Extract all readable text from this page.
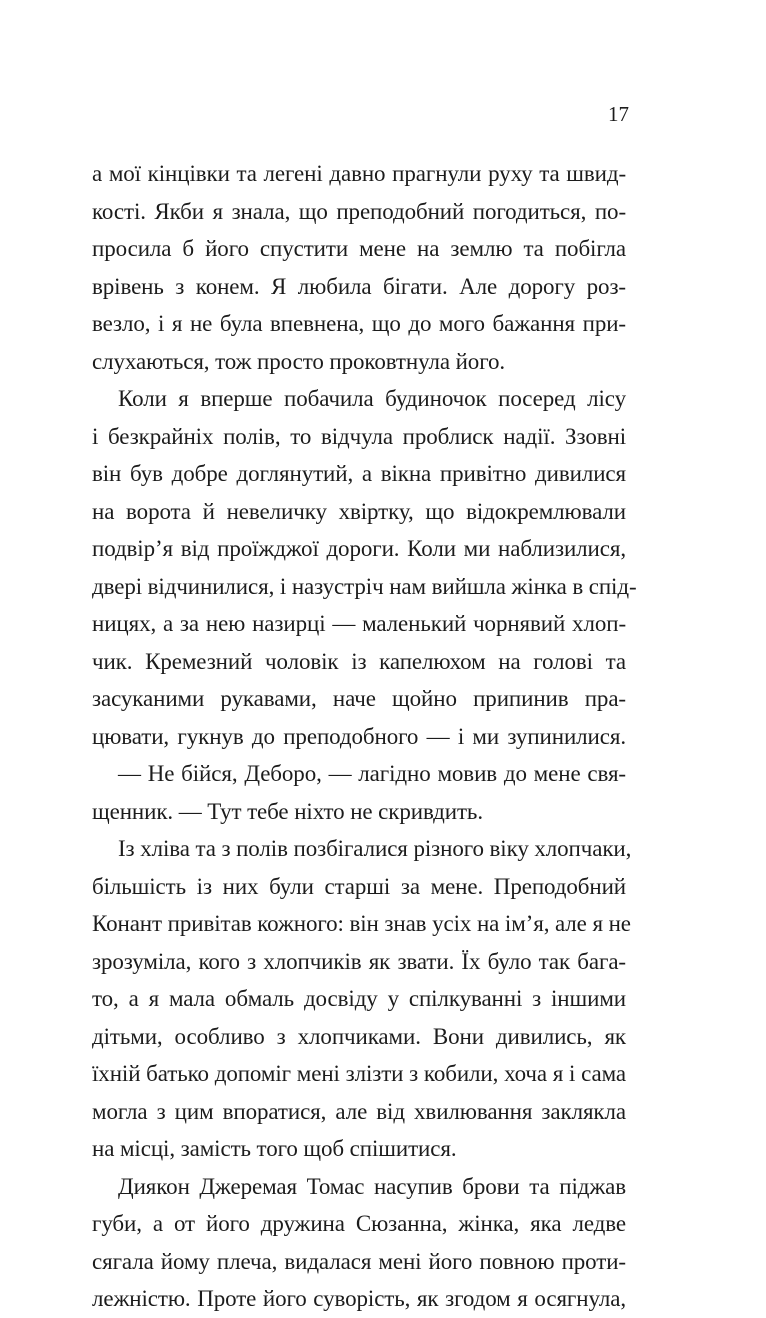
17
а мої кінцівки та легені давно прагнули руху та швид-
кості. Якби я знала, що преподобний погодиться, по-
просила б його спустити мене на землю та побігла
врівень з конем. Я любила бігати. Але дорогу роз-
везло, і я не була впевнена, що до мого бажання при-
слухаються, тож просто проковтнула його.
Коли я вперше побачила будиночок посеред лісу
і безкрайніх полів, то відчула проблиск надії. Ззовні
він був добре доглянутий, а вікна привітно дивилися
на ворота й невеличку хвіртку, що відокремлювали
подвір’я від проїжджої дороги. Коли ми наблизилися,
двері відчинилися, і назустріч нам вийшла жінка в спід-
ницях, а за нею назирці — маленький чорнявий хлоп-
чик. Кремезний чоловік із капелюхом на голові та
засуканими рукавами, наче щойно припинив пра-
цювати, гукнув до преподобного — і ми зупинилися.
— Не бійся, Деборо, — лагідно мовив до мене свя-
щенник. — Тут тебе ніхто не скривдить.
Із хліва та з полів позбігалися різного віку хлопчаки,
більшість із них були старші за мене. Преподобний
Конант привітав кожного: він знав усіх на ім’я, але я не
зрозуміла, кого з хлопчиків як звати. Їх було так бага-
то, а я мала обмаль досвіду у спілкуванні з іншими
дітьми, особливо з хлопчиками. Вони дивились, як
їхній батько допоміг мені злізти з кобили, хоча я і сама
могла з цим впоратися, але від хвилювання заклякла
на місці, замість того щоб спішитися.
Диякон Джеремая Томас насупив брови та піджав
губи, а от його дружина Сюзанна, жінка, яка ледве
сягала йому плеча, видалася мені його повною проти-
лежністю. Проте його суворість, як згодом я осягнула,
